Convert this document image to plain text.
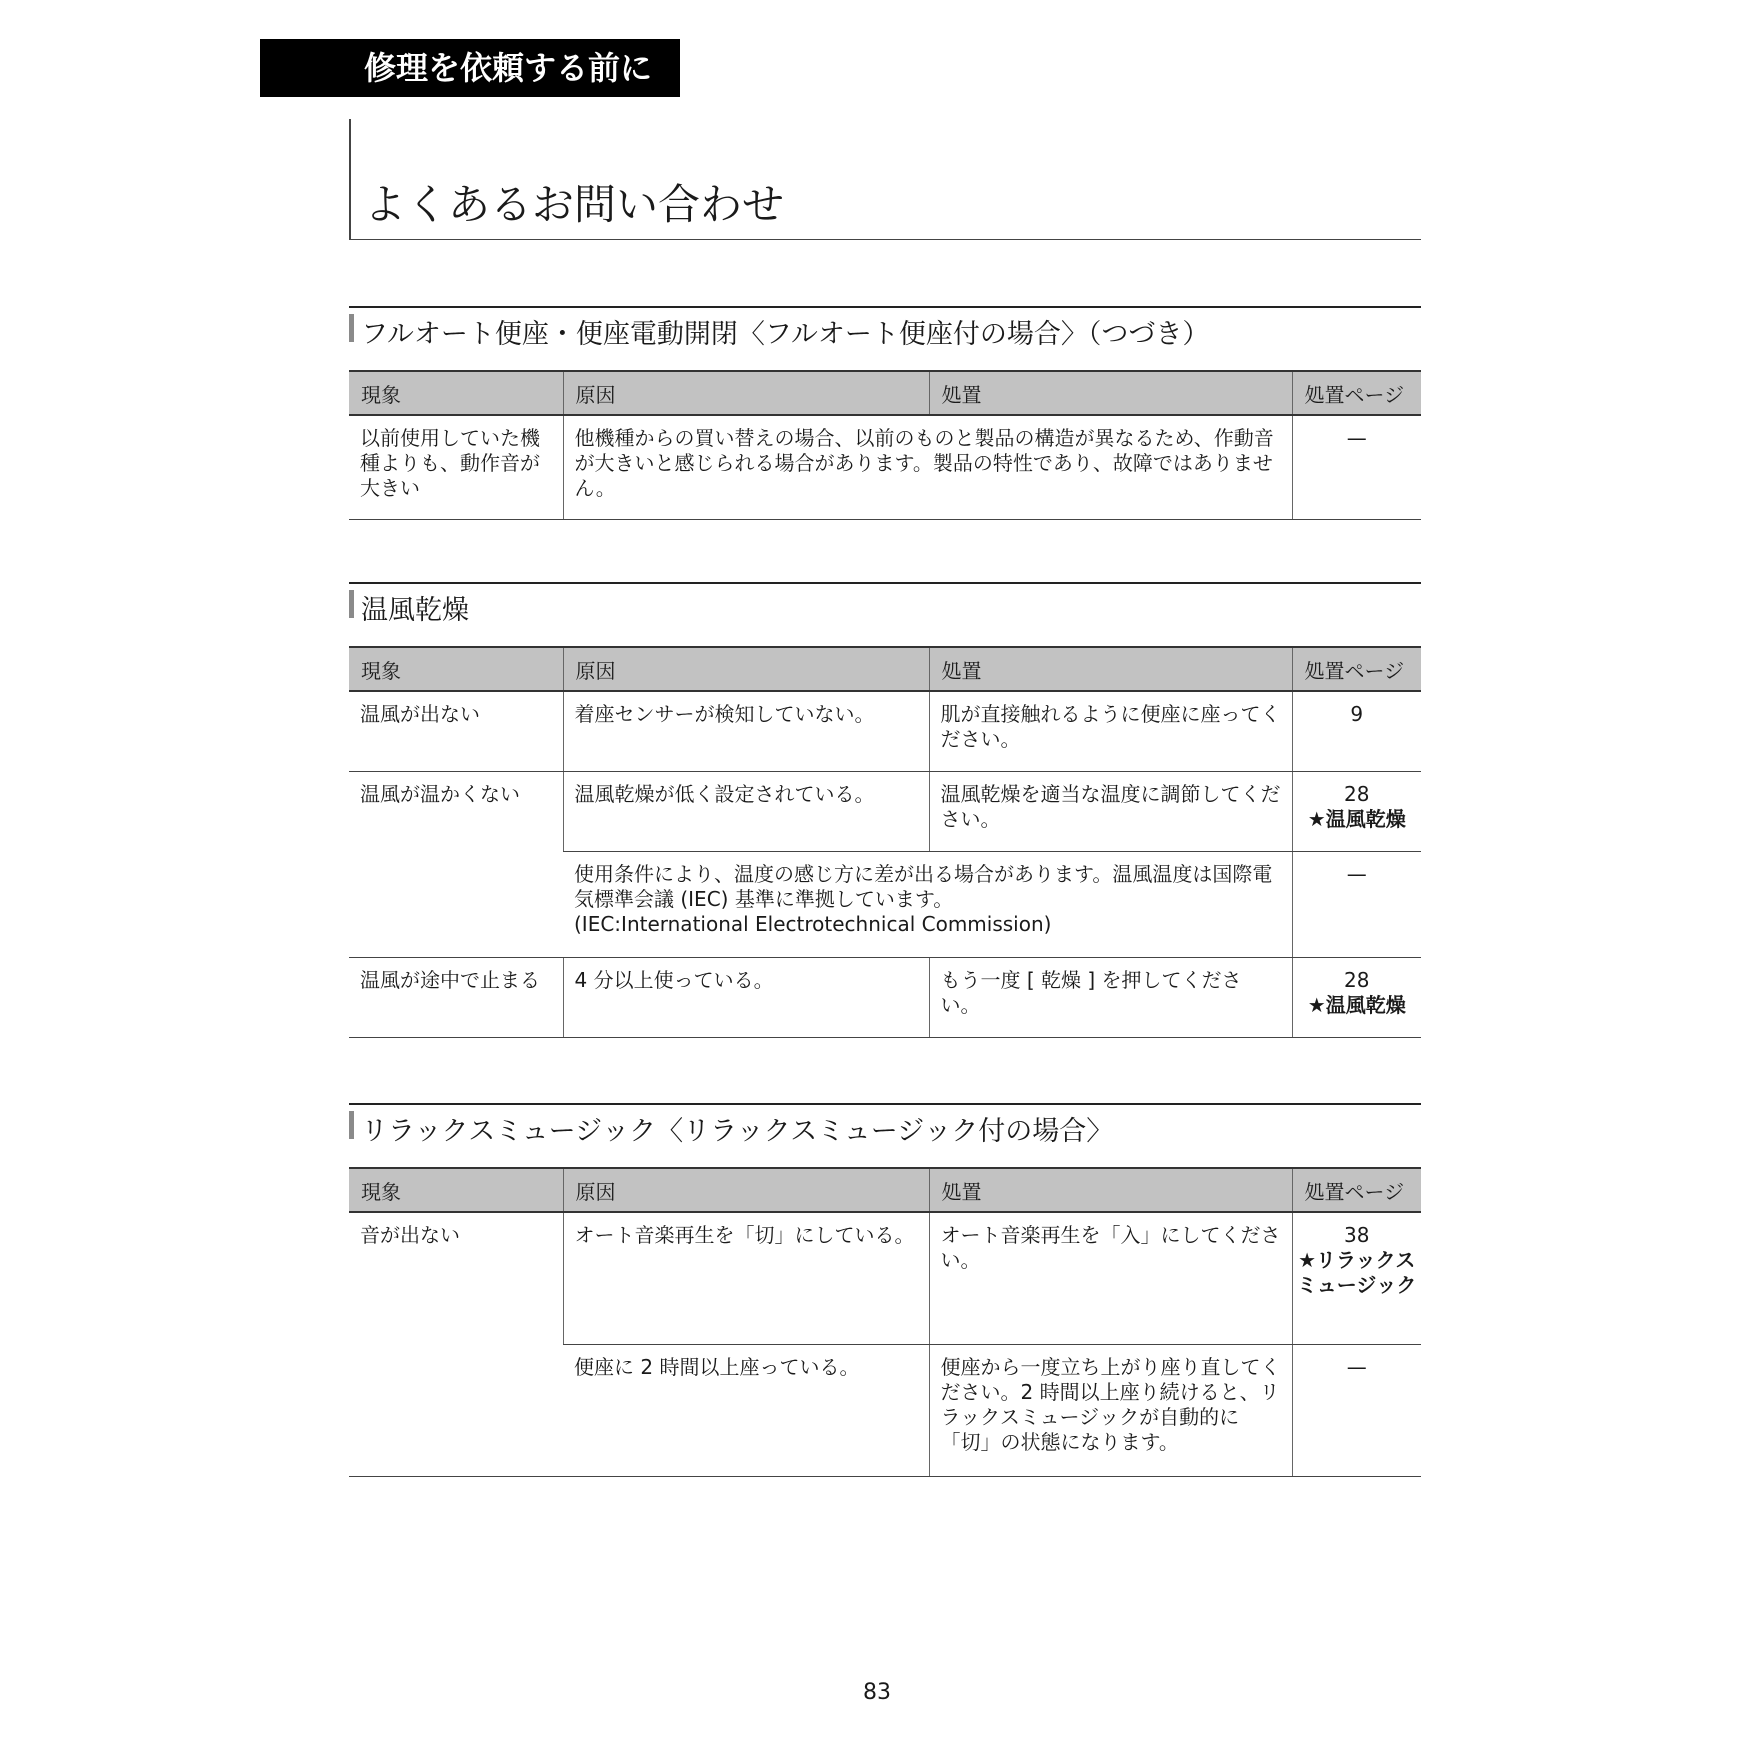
修理を依頼する前に
よくあるお問い合わせ
フルオート便座・便座電動開閉〈フルオート便座付の場合〉（つづき）
現象	原因	処置	処置ページ
以前使用していた機種よりも、動作音が大きい	他機種からの買い替えの場合、以前のものと製品の構造が異なるため、作動音が大きいと感じられる場合があります。製品の特性であり、故障ではありません。		—
温風乾燥
現象	原因	処置	処置ページ
温風が出ない	着座センサーが検知していない。	肌が直接触れるように便座に座ってください。	9
温風が温かくない	温風乾燥が低く設定されている。	温風乾燥を適当な温度に調節してください。	28
★温風乾燥

	使用条件により、温度の感じ方に差が出る場合があります。温風温度は国際電気標準会議 (IEC) 基準に準拠しています。
(IEC:International Electrotechnical Commission)		—
温風が途中で止まる	4 分以上使っている。	もう一度 [ 乾燥 ] を押してください。	28
★温風乾燥
リラックスミュージック〈リラックスミュージック付の場合〉
現象	原因	処置	処置ページ
音が出ない	オート音楽再生を「切」にしている。	オート音楽再生を「入」にしてください。	38
★リラックスミュージック

	便座に 2 時間以上座っている。	便座から一度立ち上がり座り直してください。2 時間以上座り続けると、リラックスミュージックが自動的に「切」の状態になります。	—
83
